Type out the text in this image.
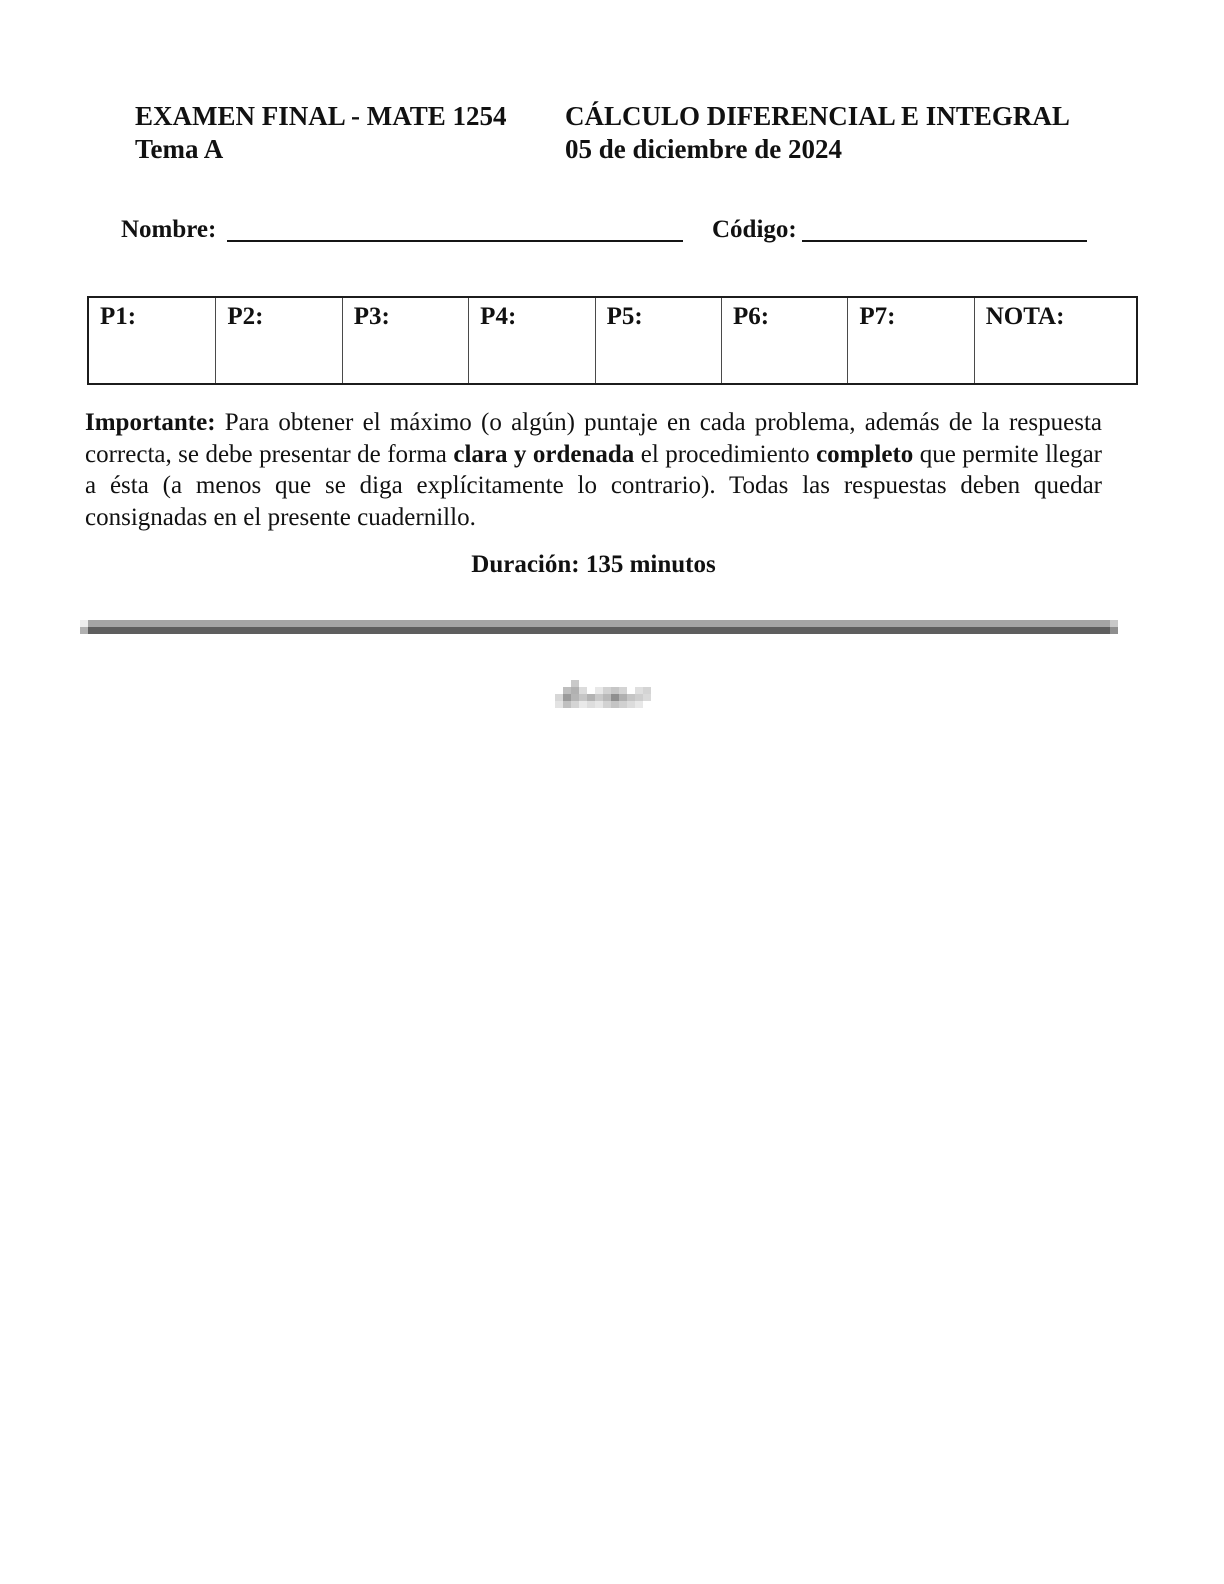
EXAMEN FINAL - MATE 1254
Tema A
CÁLCULO DIFERENCIAL E INTEGRAL
05 de diciembre de 2024
Nombre:	Código:
P1:	P2:	P3:	P4:	P5:	P6:	P7:	NOTA:

Importante: Para obtener el máximo (o algún) puntaje en cada problema, además de la respuesta correcta, se debe presentar de forma clara y ordenada el procedimiento completo que permite llegar a ésta (a menos que se diga explícitamente lo contrario). Todas las respuestas deben quedar consignadas en el presente cuadernillo.

Duración: 135 minutos
